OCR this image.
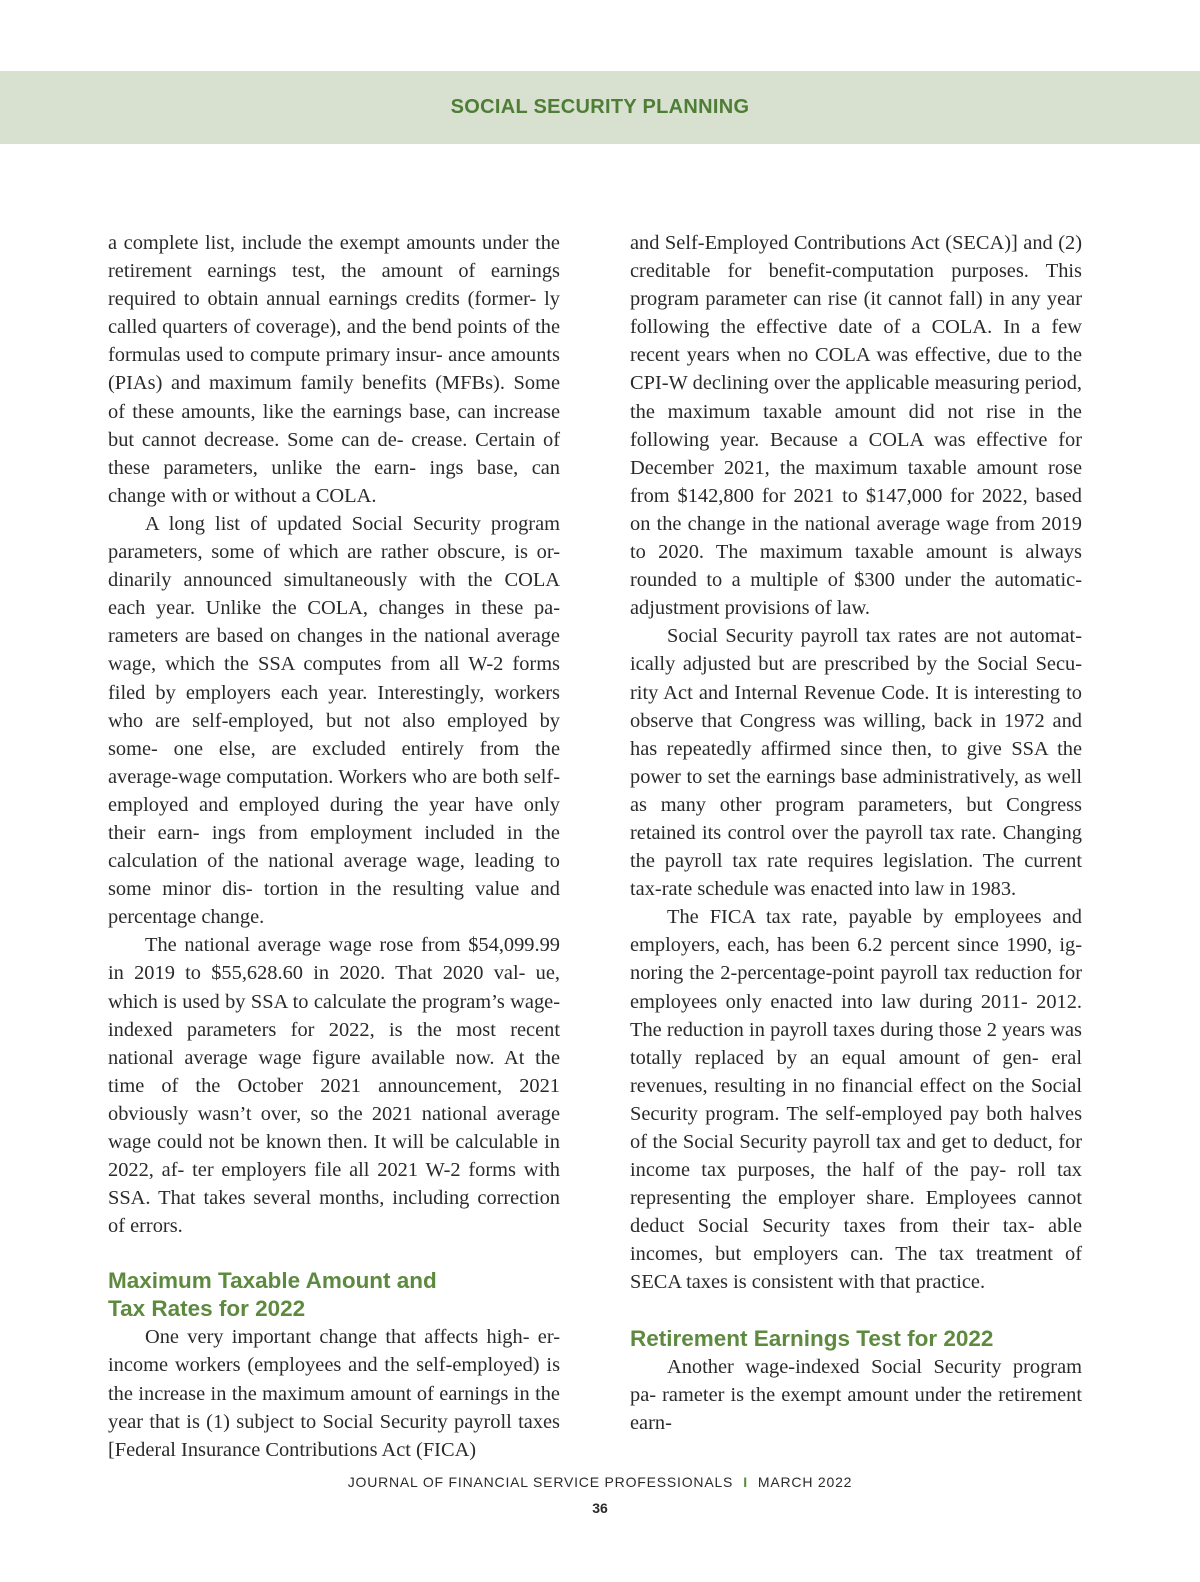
SOCIAL SECURITY PLANNING

a complete list, include the exempt amounts under the retirement earnings test, the amount of earnings required to obtain annual earnings credits (former- ly called quarters of coverage), and the bend points of the formulas used to compute primary insur- ance amounts (PIAs) and maximum family benefits (MFBs). Some of these amounts, like the earnings base, can increase but cannot decrease. Some can de- crease. Certain of these parameters, unlike the earn- ings base, can change with or without a COLA.

A long list of updated Social Security program parameters, some of which are rather obscure, is or- dinarily announced simultaneously with the COLA each year. Unlike the COLA, changes in these pa- rameters are based on changes in the national average wage, which the SSA computes from all W-2 forms filed by employers each year. Interestingly, workers who are self-employed, but not also employed by some- one else, are excluded entirely from the average-wage computation. Workers who are both self-employed and employed during the year have only their earn- ings from employment included in the calculation of the national average wage, leading to some minor dis- tortion in the resulting value and percentage change.

The national average wage rose from $54,099.99 in 2019 to $55,628.60 in 2020. That 2020 val- ue, which is used by SSA to calculate the program’s wage-indexed parameters for 2022, is the most recent national average wage figure available now. At the time of the October 2021 announcement, 2021 obviously wasn’t over, so the 2021 national average wage could not be known then. It will be calculable in 2022, af- ter employers file all 2021 W-2 forms with SSA. That takes several months, including correction of errors.

Maximum Taxable Amount and
Tax Rates for 2022

One very important change that affects high- er-income workers (employees and the self-employed) is the increase in the maximum amount of earnings in the year that is (1) subject to Social Security payroll taxes [Federal Insurance Contributions Act (FICA)

and Self-Employed Contributions Act (SECA)] and (2) creditable for benefit-computation purposes. This program parameter can rise (it cannot fall) in any year following the effective date of a COLA. In a few recent years when no COLA was effective, due to the CPI-W declining over the applicable measuring period, the maximum taxable amount did not rise in the following year. Because a COLA was effective for December 2021, the maximum taxable amount rose from $142,800 for 2021 to $147,000 for 2022, based on the change in the national average wage from 2019 to 2020. The maximum taxable amount is always rounded to a multiple of $300 under the automatic-adjustment provisions of law.

Social Security payroll tax rates are not automat- ically adjusted but are prescribed by the Social Secu- rity Act and Internal Revenue Code. It is interesting to observe that Congress was willing, back in 1972 and has repeatedly affirmed since then, to give SSA the power to set the earnings base administratively, as well as many other program parameters, but Congress retained its control over the payroll tax rate. Changing the payroll tax rate requires legislation. The current tax-rate schedule was enacted into law in 1983.

The FICA tax rate, payable by employees and employers, each, has been 6.2 percent since 1990, ig- noring the 2-percentage-point payroll tax reduction for employees only enacted into law during 2011- 2012. The reduction in payroll taxes during those 2 years was totally replaced by an equal amount of gen- eral revenues, resulting in no financial effect on the Social Security program. The self-employed pay both halves of the Social Security payroll tax and get to deduct, for income tax purposes, the half of the pay- roll tax representing the employer share. Employees cannot deduct Social Security taxes from their tax- able incomes, but employers can. The tax treatment of SECA taxes is consistent with that practice.

Retirement Earnings Test for 2022

Another wage-indexed Social Security program pa- rameter is the exempt amount under the retirement earn-

JOURNAL OF FINANCIAL SERVICE PROFESSIONALS I MARCH 2022
36
